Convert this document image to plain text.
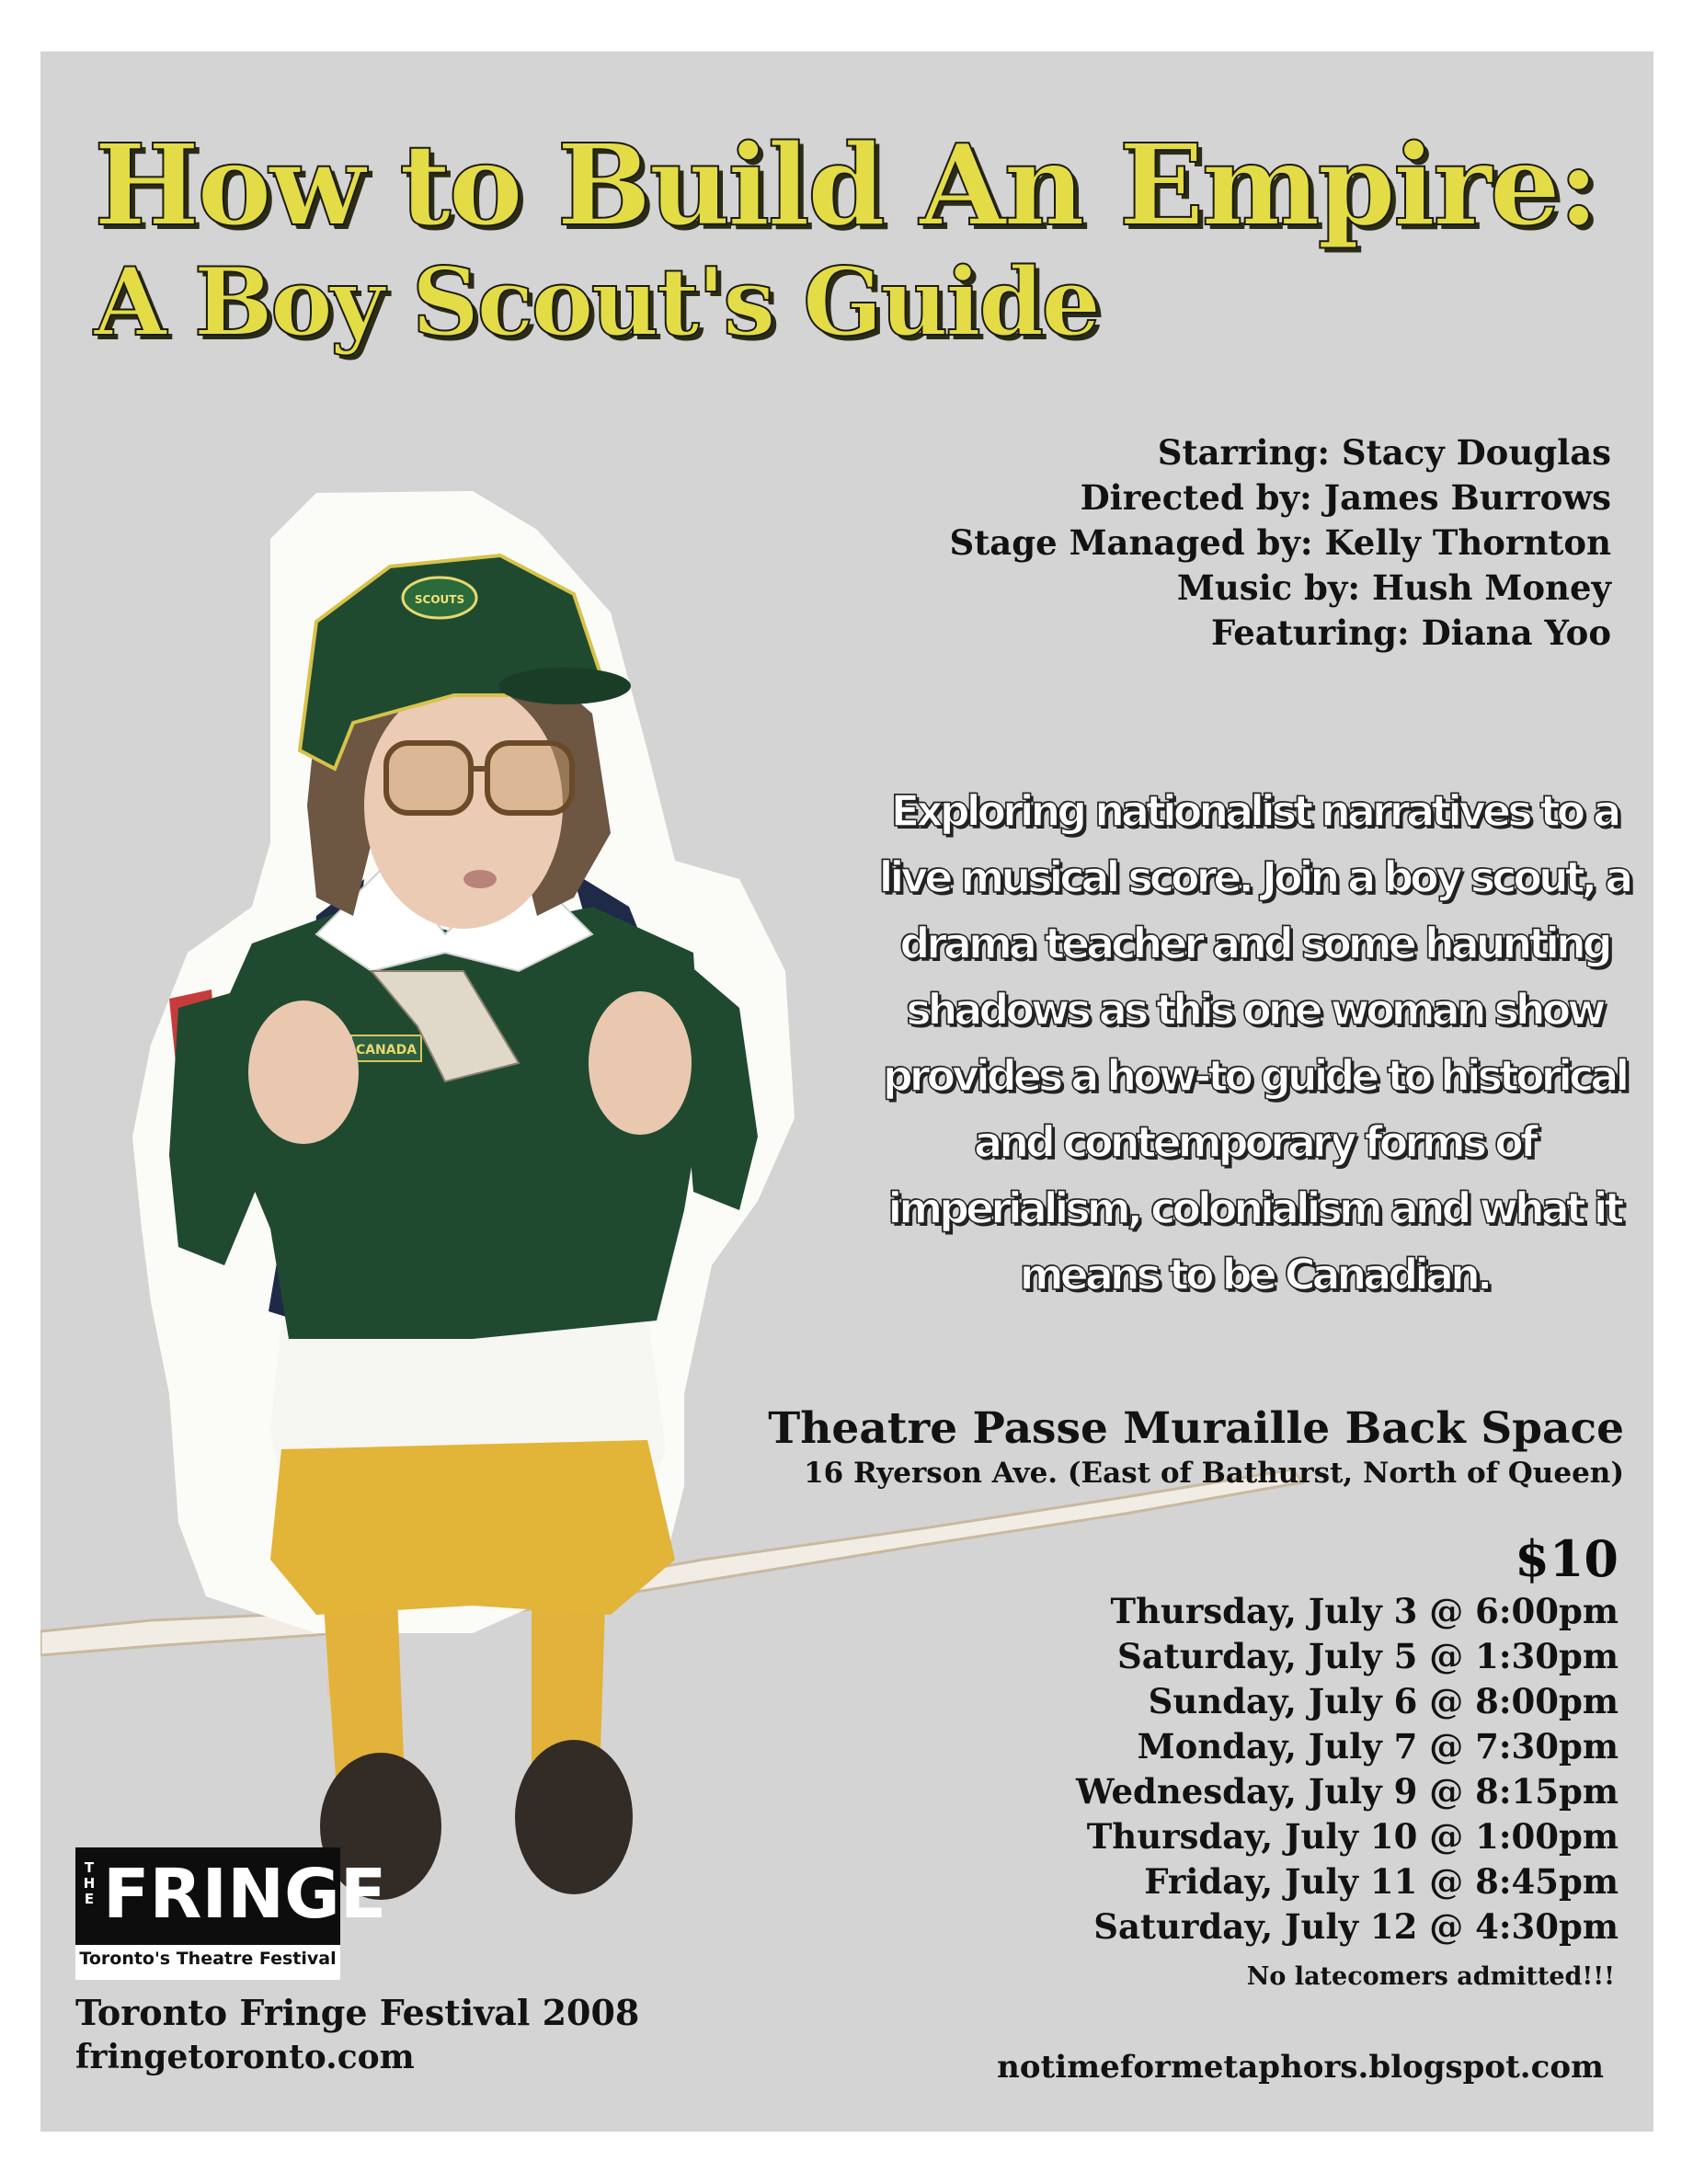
CANADA
SCOUTS
How to Build An Empire:
A Boy Scout's Guide
Starring: Stacy Douglas
Directed by: James Burrows
Stage Managed by: Kelly Thornton
Music by: Hush Money
Featuring: Diana Yoo
Exploring nationalist narratives to a
live musical score. Join a boy scout, a
drama teacher and some haunting
shadows as this one woman show
provides a how-to guide to historical
and contemporary forms of
imperialism, colonialism and what it
means to be Canadian.
Theatre Passe Muraille Back Space
16 Ryerson Ave. (East of Bathurst, North of Queen)
$10
Thursday, July 3 @ 6:00pm
Saturday, July 5 @ 1:30pm
Sunday, July 6 @ 8:00pm
Monday, July 7 @ 7:30pm
Wednesday, July 9 @ 8:15pm
Thursday, July 10 @ 1:00pm
Friday, July 11 @ 8:45pm
Saturday, July 12 @ 4:30pm
No latecomers admitted!!!
notimeformetaphors.blogspot.com
T
H
E FRINGE
Toronto's Theatre Festival
Toronto Fringe Festival 2008
fringetoronto.com
